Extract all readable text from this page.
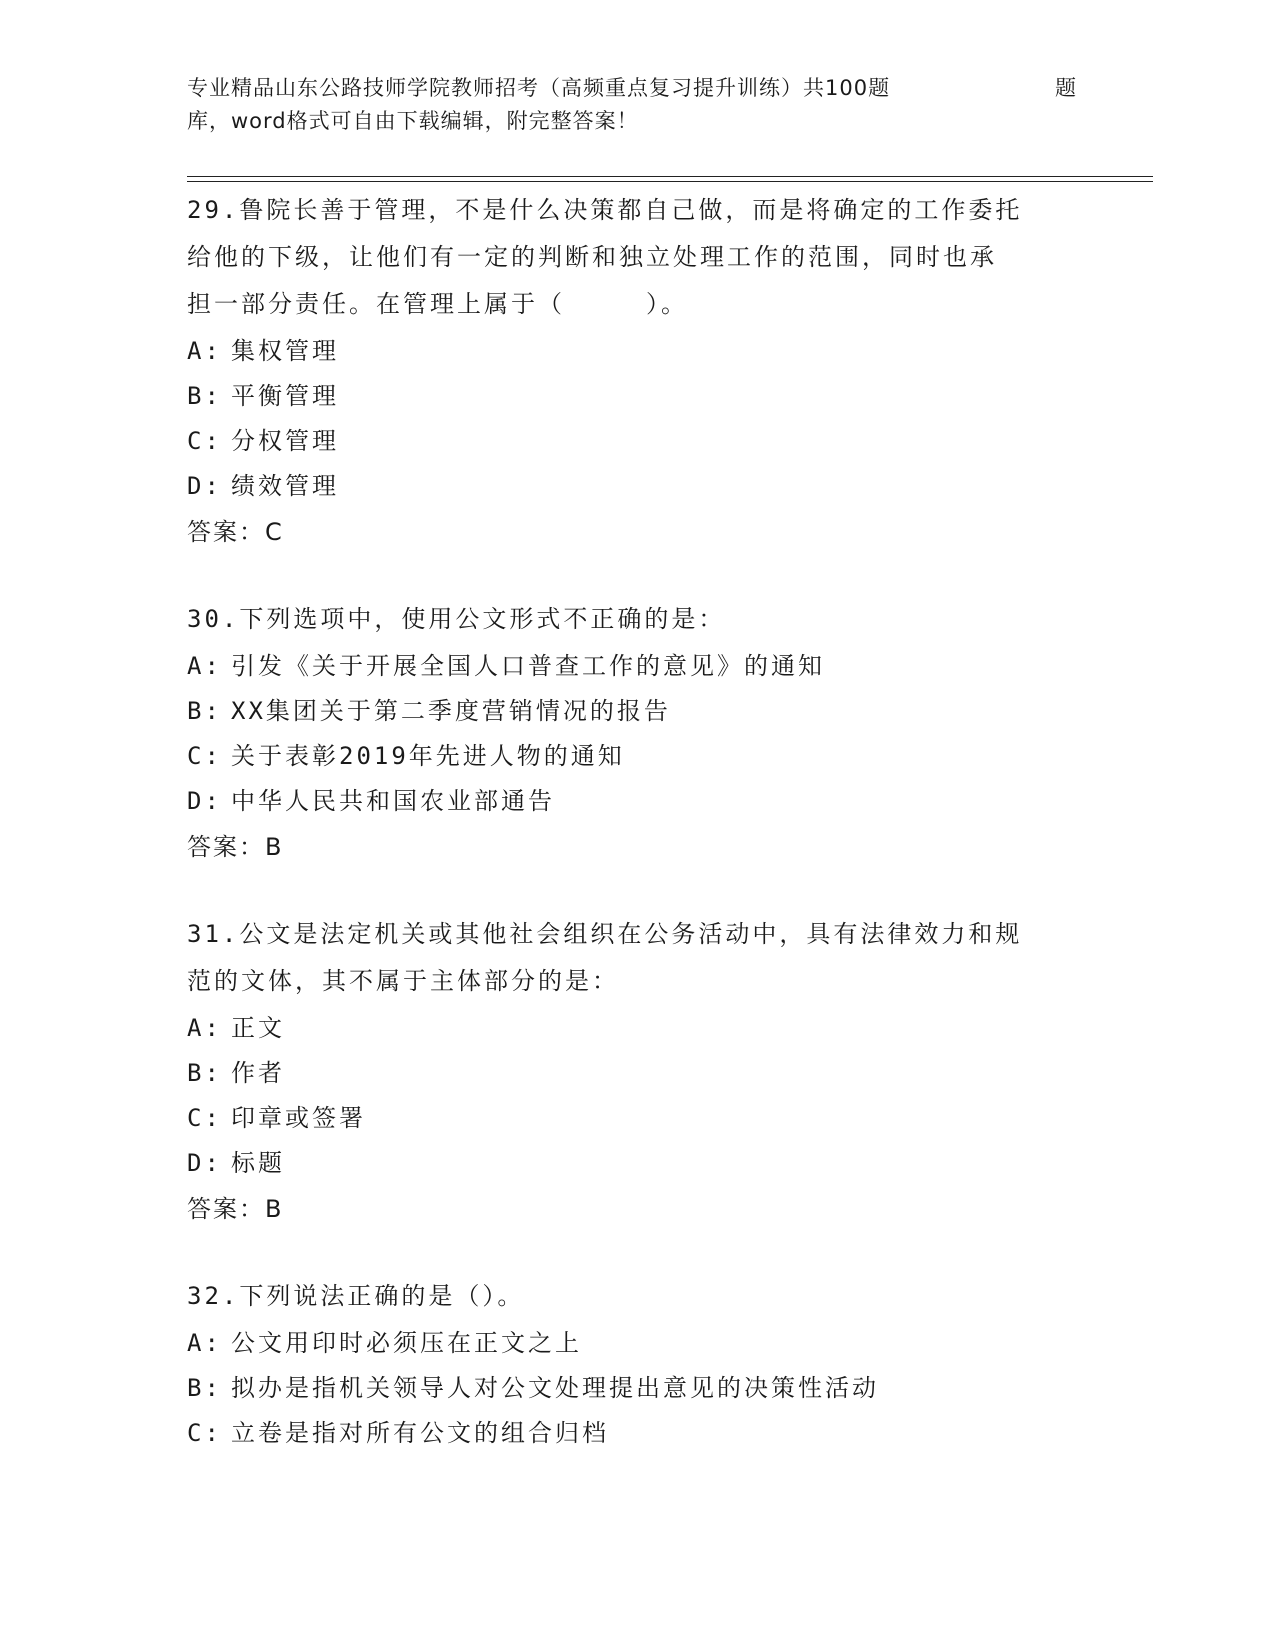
专业精品山东公路技师学院教师招考（高频重点复习提升训练）共100题	题
库，word格式可自由下载编辑，附完整答案！
29.鲁院长善于管理，不是什么决策都自己做，而是将确定的工作委托
给他的下级，让他们有一定的判断和独立处理工作的范围，同时也承
担一部分责任。在管理上属于（　　　）。
A: 集权管理
B: 平衡管理
C: 分权管理
D: 绩效管理
答案：C
30.下列选项中，使用公文形式不正确的是：
A: 引发《关于开展全国人口普查工作的意见》的通知
B: XX集团关于第二季度营销情况的报告
C: 关于表彰2019年先进人物的通知
D: 中华人民共和国农业部通告
答案：B
31.公文是法定机关或其他社会组织在公务活动中，具有法律效力和规
范的文体，其不属于主体部分的是：
A: 正文
B: 作者
C: 印章或签署
D: 标题
答案：B
32.下列说法正确的是（）。
A: 公文用印时必须压在正文之上
B: 拟办是指机关领导人对公文处理提出意见的决策性活动
C: 立卷是指对所有公文的组合归档
